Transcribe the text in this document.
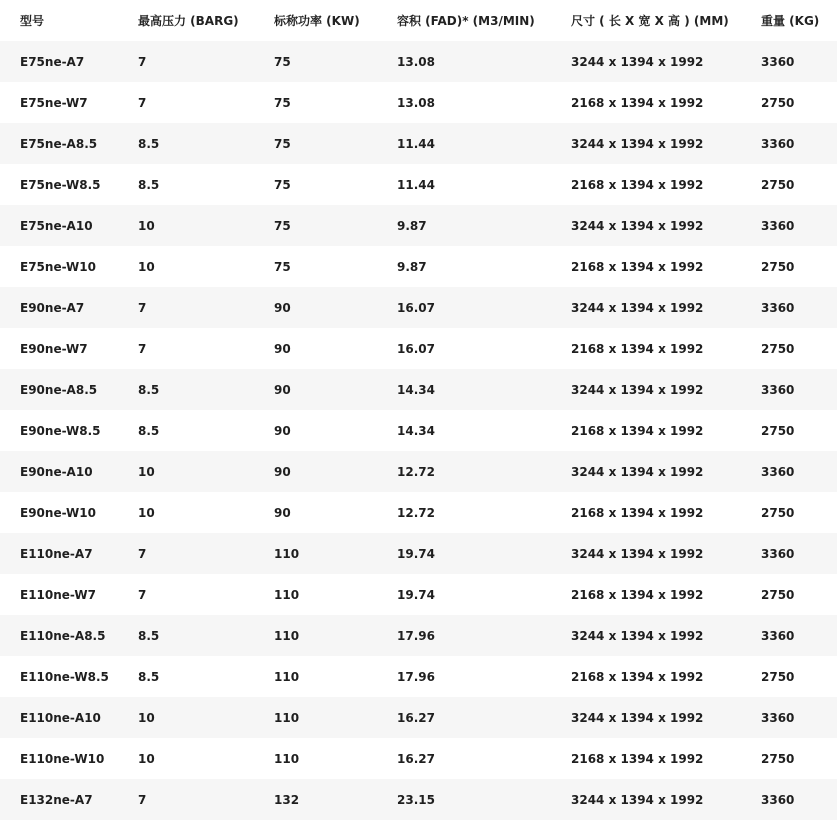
型号	最高压力 (BARG)	标称功率 (KW)	容积 (FAD)* (M3/MIN)	尺寸 ( 长 X 宽 X 高 ) (MM)	重量 (KG)
E75ne-A7	7	75	13.08	3244 x 1394 x 1992	3360
E75ne-W7	7	75	13.08	2168 x 1394 x 1992	2750
E75ne-A8.5	8.5	75	11.44	3244 x 1394 x 1992	3360
E75ne-W8.5	8.5	75	11.44	2168 x 1394 x 1992	2750
E75ne-A10	10	75	9.87	3244 x 1394 x 1992	3360
E75ne-W10	10	75	9.87	2168 x 1394 x 1992	2750
E90ne-A7	7	90	16.07	3244 x 1394 x 1992	3360
E90ne-W7	7	90	16.07	2168 x 1394 x 1992	2750
E90ne-A8.5	8.5	90	14.34	3244 x 1394 x 1992	3360
E90ne-W8.5	8.5	90	14.34	2168 x 1394 x 1992	2750
E90ne-A10	10	90	12.72	3244 x 1394 x 1992	3360
E90ne-W10	10	90	12.72	2168 x 1394 x 1992	2750
E110ne-A7	7	110	19.74	3244 x 1394 x 1992	3360
E110ne-W7	7	110	19.74	2168 x 1394 x 1992	2750
E110ne-A8.5	8.5	110	17.96	3244 x 1394 x 1992	3360
E110ne-W8.5	8.5	110	17.96	2168 x 1394 x 1992	2750
E110ne-A10	10	110	16.27	3244 x 1394 x 1992	3360
E110ne-W10	10	110	16.27	2168 x 1394 x 1992	2750
E132ne-A7	7	132	23.15	3244 x 1394 x 1992	3360
